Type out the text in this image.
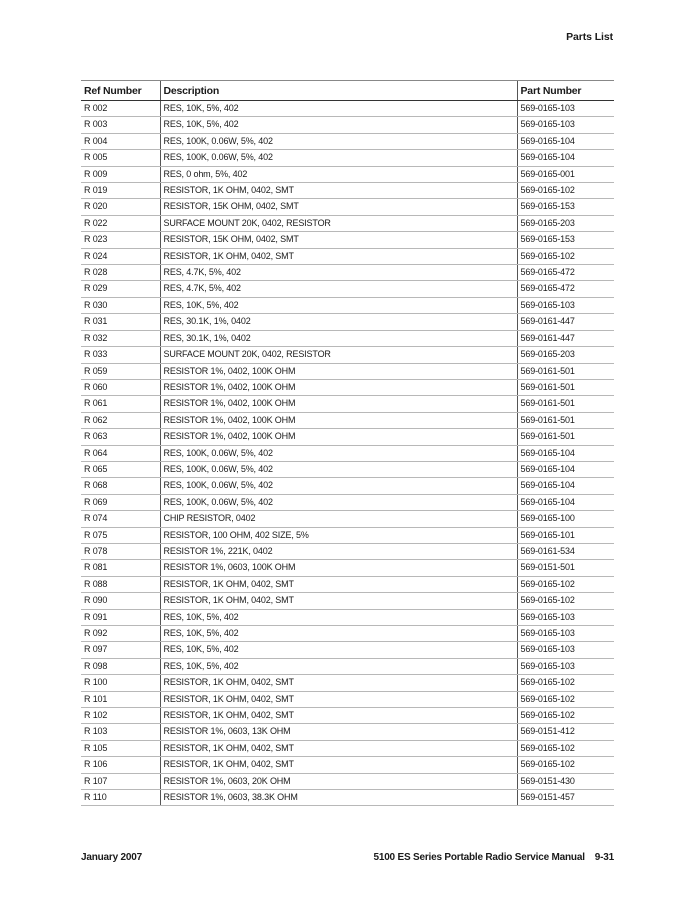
Parts List
Ref Number	Description	Part Number
R 002	RES, 10K, 5%, 402	569-0165-103
R 003	RES, 10K, 5%, 402	569-0165-103
R 004	RES, 100K, 0.06W, 5%, 402	569-0165-104
R 005	RES, 100K, 0.06W, 5%, 402	569-0165-104
R 009	RES, 0 ohm, 5%, 402	569-0165-001
R 019	RESISTOR, 1K OHM, 0402, SMT	569-0165-102
R 020	RESISTOR, 15K OHM, 0402, SMT	569-0165-153
R 022	SURFACE MOUNT 20K, 0402, RESISTOR	569-0165-203
R 023	RESISTOR, 15K OHM, 0402, SMT	569-0165-153
R 024	RESISTOR, 1K OHM, 0402, SMT	569-0165-102
R 028	RES, 4.7K, 5%, 402	569-0165-472
R 029	RES, 4.7K, 5%, 402	569-0165-472
R 030	RES, 10K, 5%, 402	569-0165-103
R 031	RES, 30.1K, 1%, 0402	569-0161-447
R 032	RES, 30.1K, 1%, 0402	569-0161-447
R 033	SURFACE MOUNT 20K, 0402, RESISTOR	569-0165-203
R 059	RESISTOR 1%, 0402, 100K OHM	569-0161-501
R 060	RESISTOR 1%, 0402, 100K OHM	569-0161-501
R 061	RESISTOR 1%, 0402, 100K OHM	569-0161-501
R 062	RESISTOR 1%, 0402, 100K OHM	569-0161-501
R 063	RESISTOR 1%, 0402, 100K OHM	569-0161-501
R 064	RES, 100K, 0.06W, 5%, 402	569-0165-104
R 065	RES, 100K, 0.06W, 5%, 402	569-0165-104
R 068	RES, 100K, 0.06W, 5%, 402	569-0165-104
R 069	RES, 100K, 0.06W, 5%, 402	569-0165-104
R 074	CHIP RESISTOR, 0402	569-0165-100
R 075	RESISTOR, 100 OHM, 402 SIZE, 5%	569-0165-101
R 078	RESISTOR 1%, 221K, 0402	569-0161-534
R 081	RESISTOR 1%, 0603, 100K OHM	569-0151-501
R 088	RESISTOR, 1K OHM, 0402, SMT	569-0165-102
R 090	RESISTOR, 1K OHM, 0402, SMT	569-0165-102
R 091	RES, 10K, 5%, 402	569-0165-103
R 092	RES, 10K, 5%, 402	569-0165-103
R 097	RES, 10K, 5%, 402	569-0165-103
R 098	RES, 10K, 5%, 402	569-0165-103
R 100	RESISTOR, 1K OHM, 0402, SMT	569-0165-102
R 101	RESISTOR, 1K OHM, 0402, SMT	569-0165-102
R 102	RESISTOR, 1K OHM, 0402, SMT	569-0165-102
R 103	RESISTOR 1%, 0603, 13K OHM	569-0151-412
R 105	RESISTOR, 1K OHM, 0402, SMT	569-0165-102
R 106	RESISTOR, 1K OHM, 0402, SMT	569-0165-102
R 107	RESISTOR 1%, 0603, 20K OHM	569-0151-430
R 110	RESISTOR 1%, 0603, 38.3K OHM	569-0151-457
January 2007	5100 ES Series Portable Radio Service Manual 9-31
